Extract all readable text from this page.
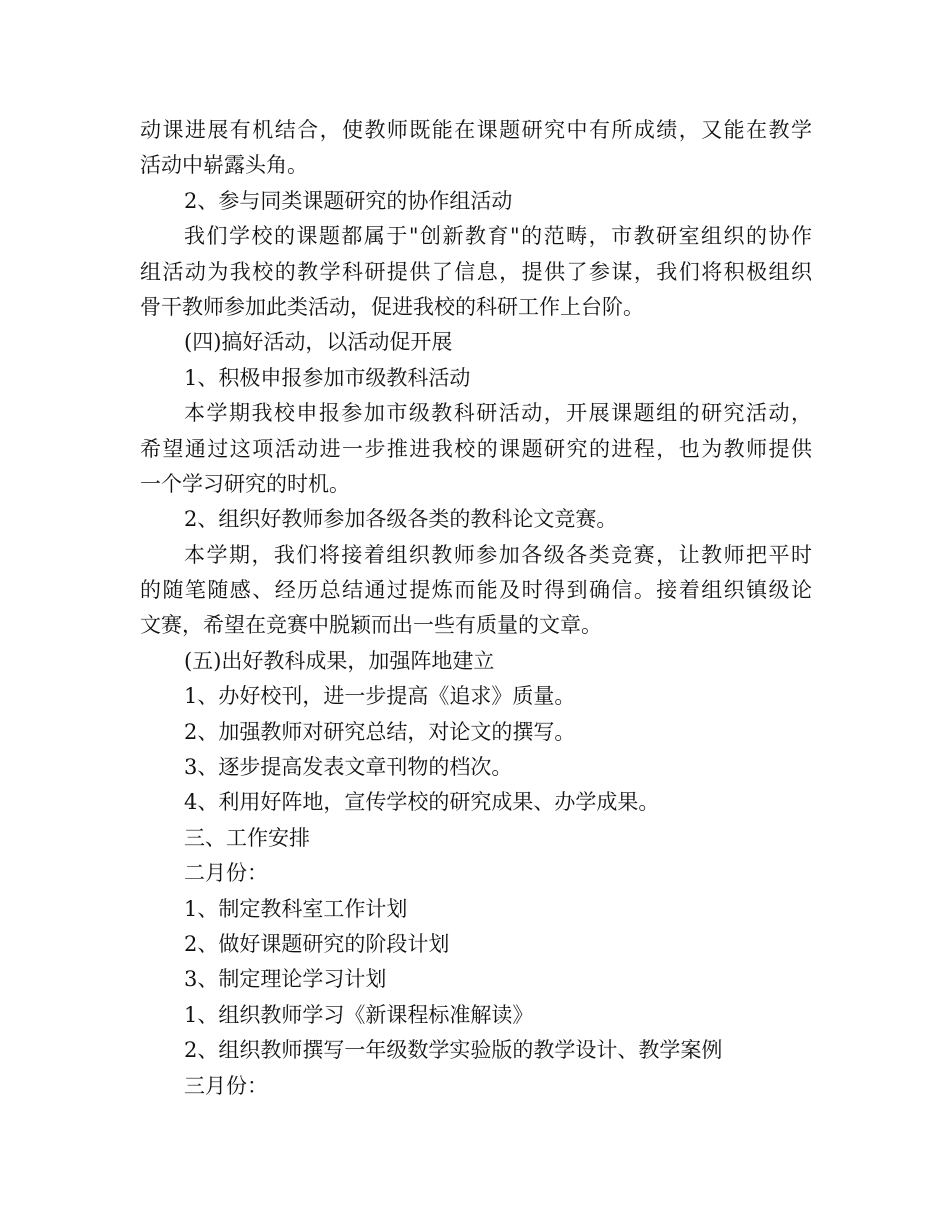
动课进展有机结合，使教师既能在课题研究中有所成绩，又能在教学
活动中崭露头角。
2、参与同类课题研究的协作组活动
我们学校的课题都属于"创新教育"的范畴，市教研室组织的协作
组活动为我校的教学科研提供了信息，提供了参谋，我们将积极组织
骨干教师参加此类活动，促进我校的科研工作上台阶。
(四)搞好活动，以活动促开展
1、积极申报参加市级教科活动
本学期我校申报参加市级教科研活动，开展课题组的研究活动，
希望通过这项活动进一步推进我校的课题研究的进程，也为教师提供
一个学习研究的时机。
2、组织好教师参加各级各类的教科论文竞赛。
本学期，我们将接着组织教师参加各级各类竞赛，让教师把平时
的随笔随感、经历总结通过提炼而能及时得到确信。接着组织镇级论
文赛，希望在竞赛中脱颖而出一些有质量的文章。
(五)出好教科成果，加强阵地建立
1、办好校刊，进一步提高《追求》质量。
2、加强教师对研究总结，对论文的撰写。
3、逐步提高发表文章刊物的档次。
4、利用好阵地，宣传学校的研究成果、办学成果。
三、工作安排
二月份：
1、制定教科室工作计划
2、做好课题研究的阶段计划
3、制定理论学习计划
1、组织教师学习《新课程标准解读》
2、组织教师撰写一年级数学实验版的教学设计、教学案例
三月份：
